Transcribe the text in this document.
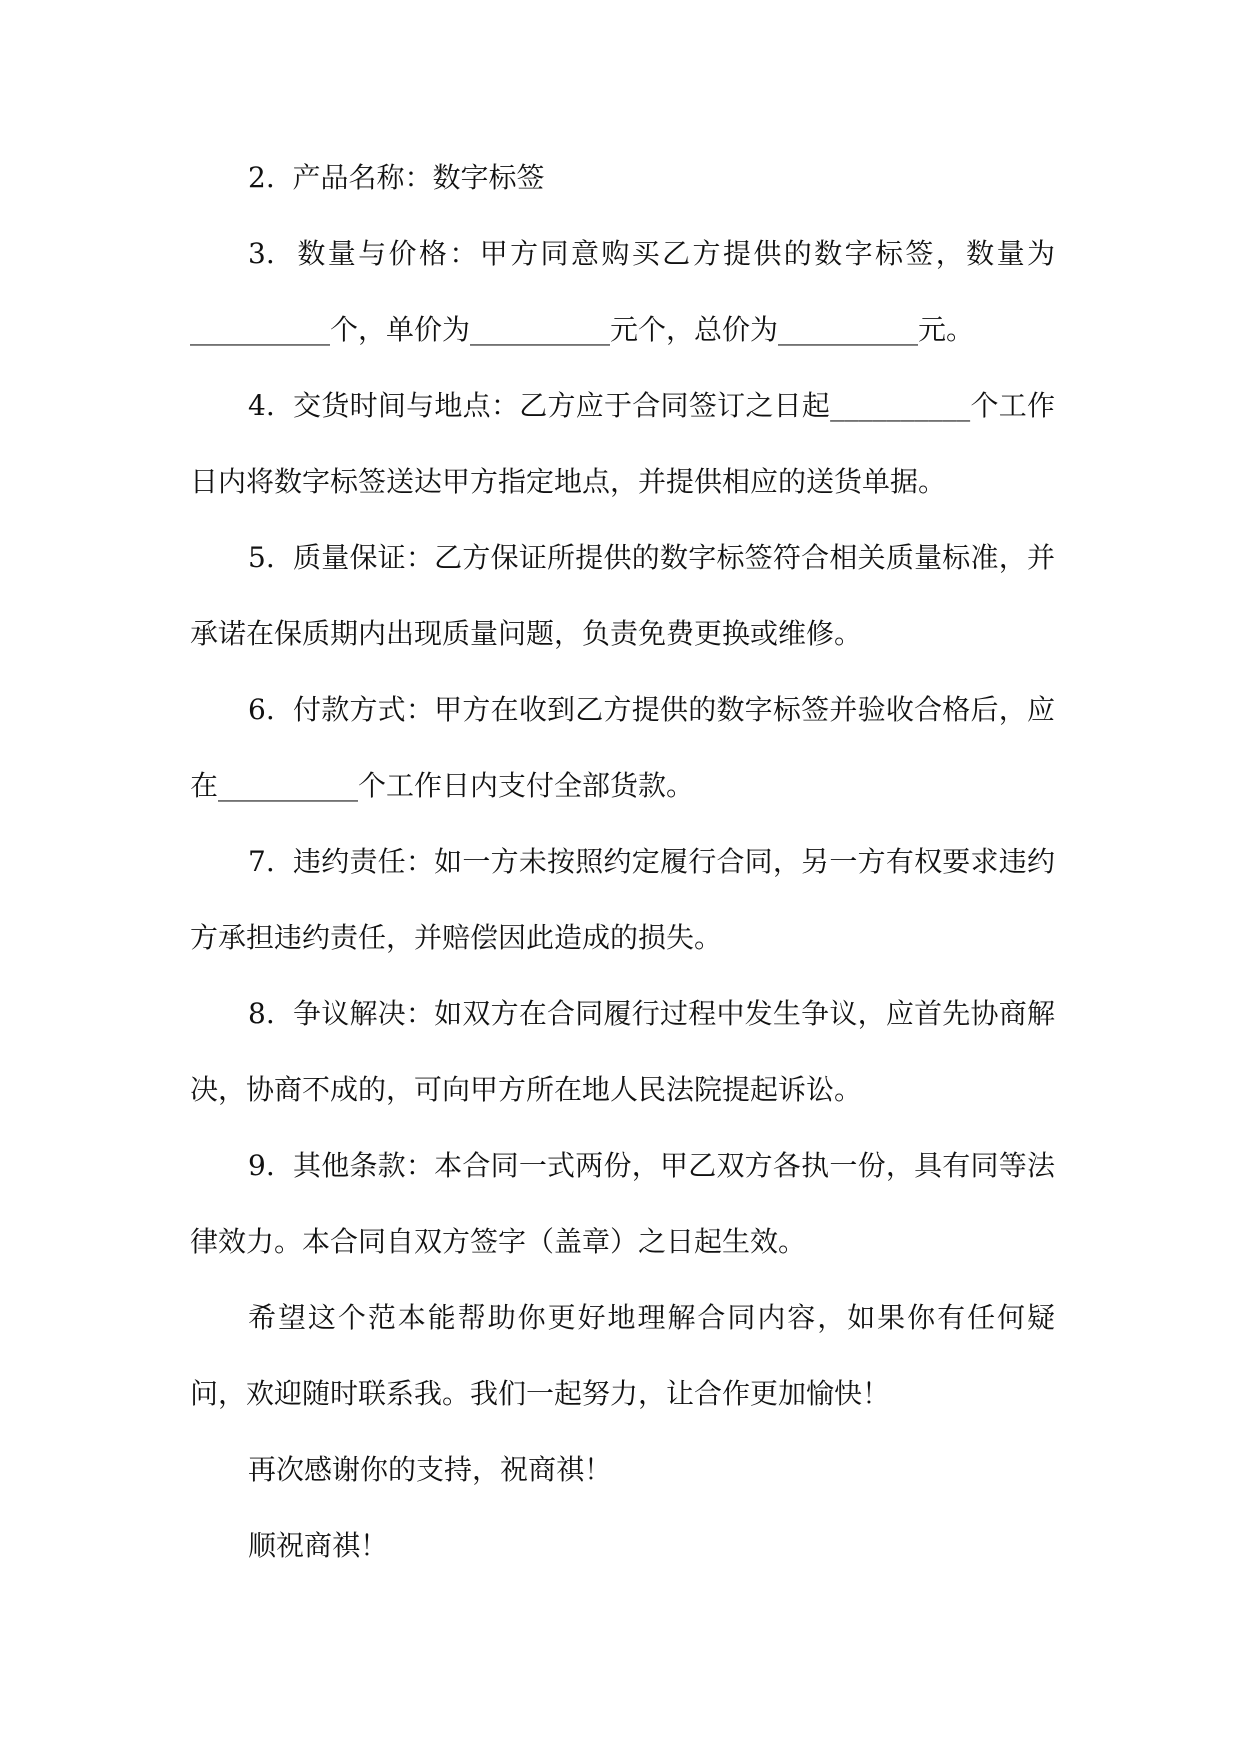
2.  产品名称：数字标签

3.  数量与价格：甲方同意购买乙方提供的数字标签，数量为__________个，单价为__________元个，总价为__________元。

4.  交货时间与地点：乙方应于合同签订之日起__________个工作日内将数字标签送达甲方指定地点，并提供相应的送货单据。

5.  质量保证：乙方保证所提供的数字标签符合相关质量标准，并承诺在保质期内出现质量问题，负责免费更换或维修。

6.  付款方式：甲方在收到乙方提供的数字标签并验收合格后，应在__________个工作日内支付全部货款。

7.  违约责任：如一方未按照约定履行合同，另一方有权要求违约方承担违约责任，并赔偿因此造成的损失。

8.  争议解决：如双方在合同履行过程中发生争议，应首先协商解决，协商不成的，可向甲方所在地人民法院提起诉讼。

9.  其他条款：本合同一式两份，甲乙双方各执一份，具有同等法律效力。本合同自双方签字（盖章）之日起生效。

希望这个范本能帮助你更好地理解合同内容，如果你有任何疑问，欢迎随时联系我。我们一起努力，让合作更加愉快！

再次感谢你的支持，祝商祺！

顺祝商祺！
